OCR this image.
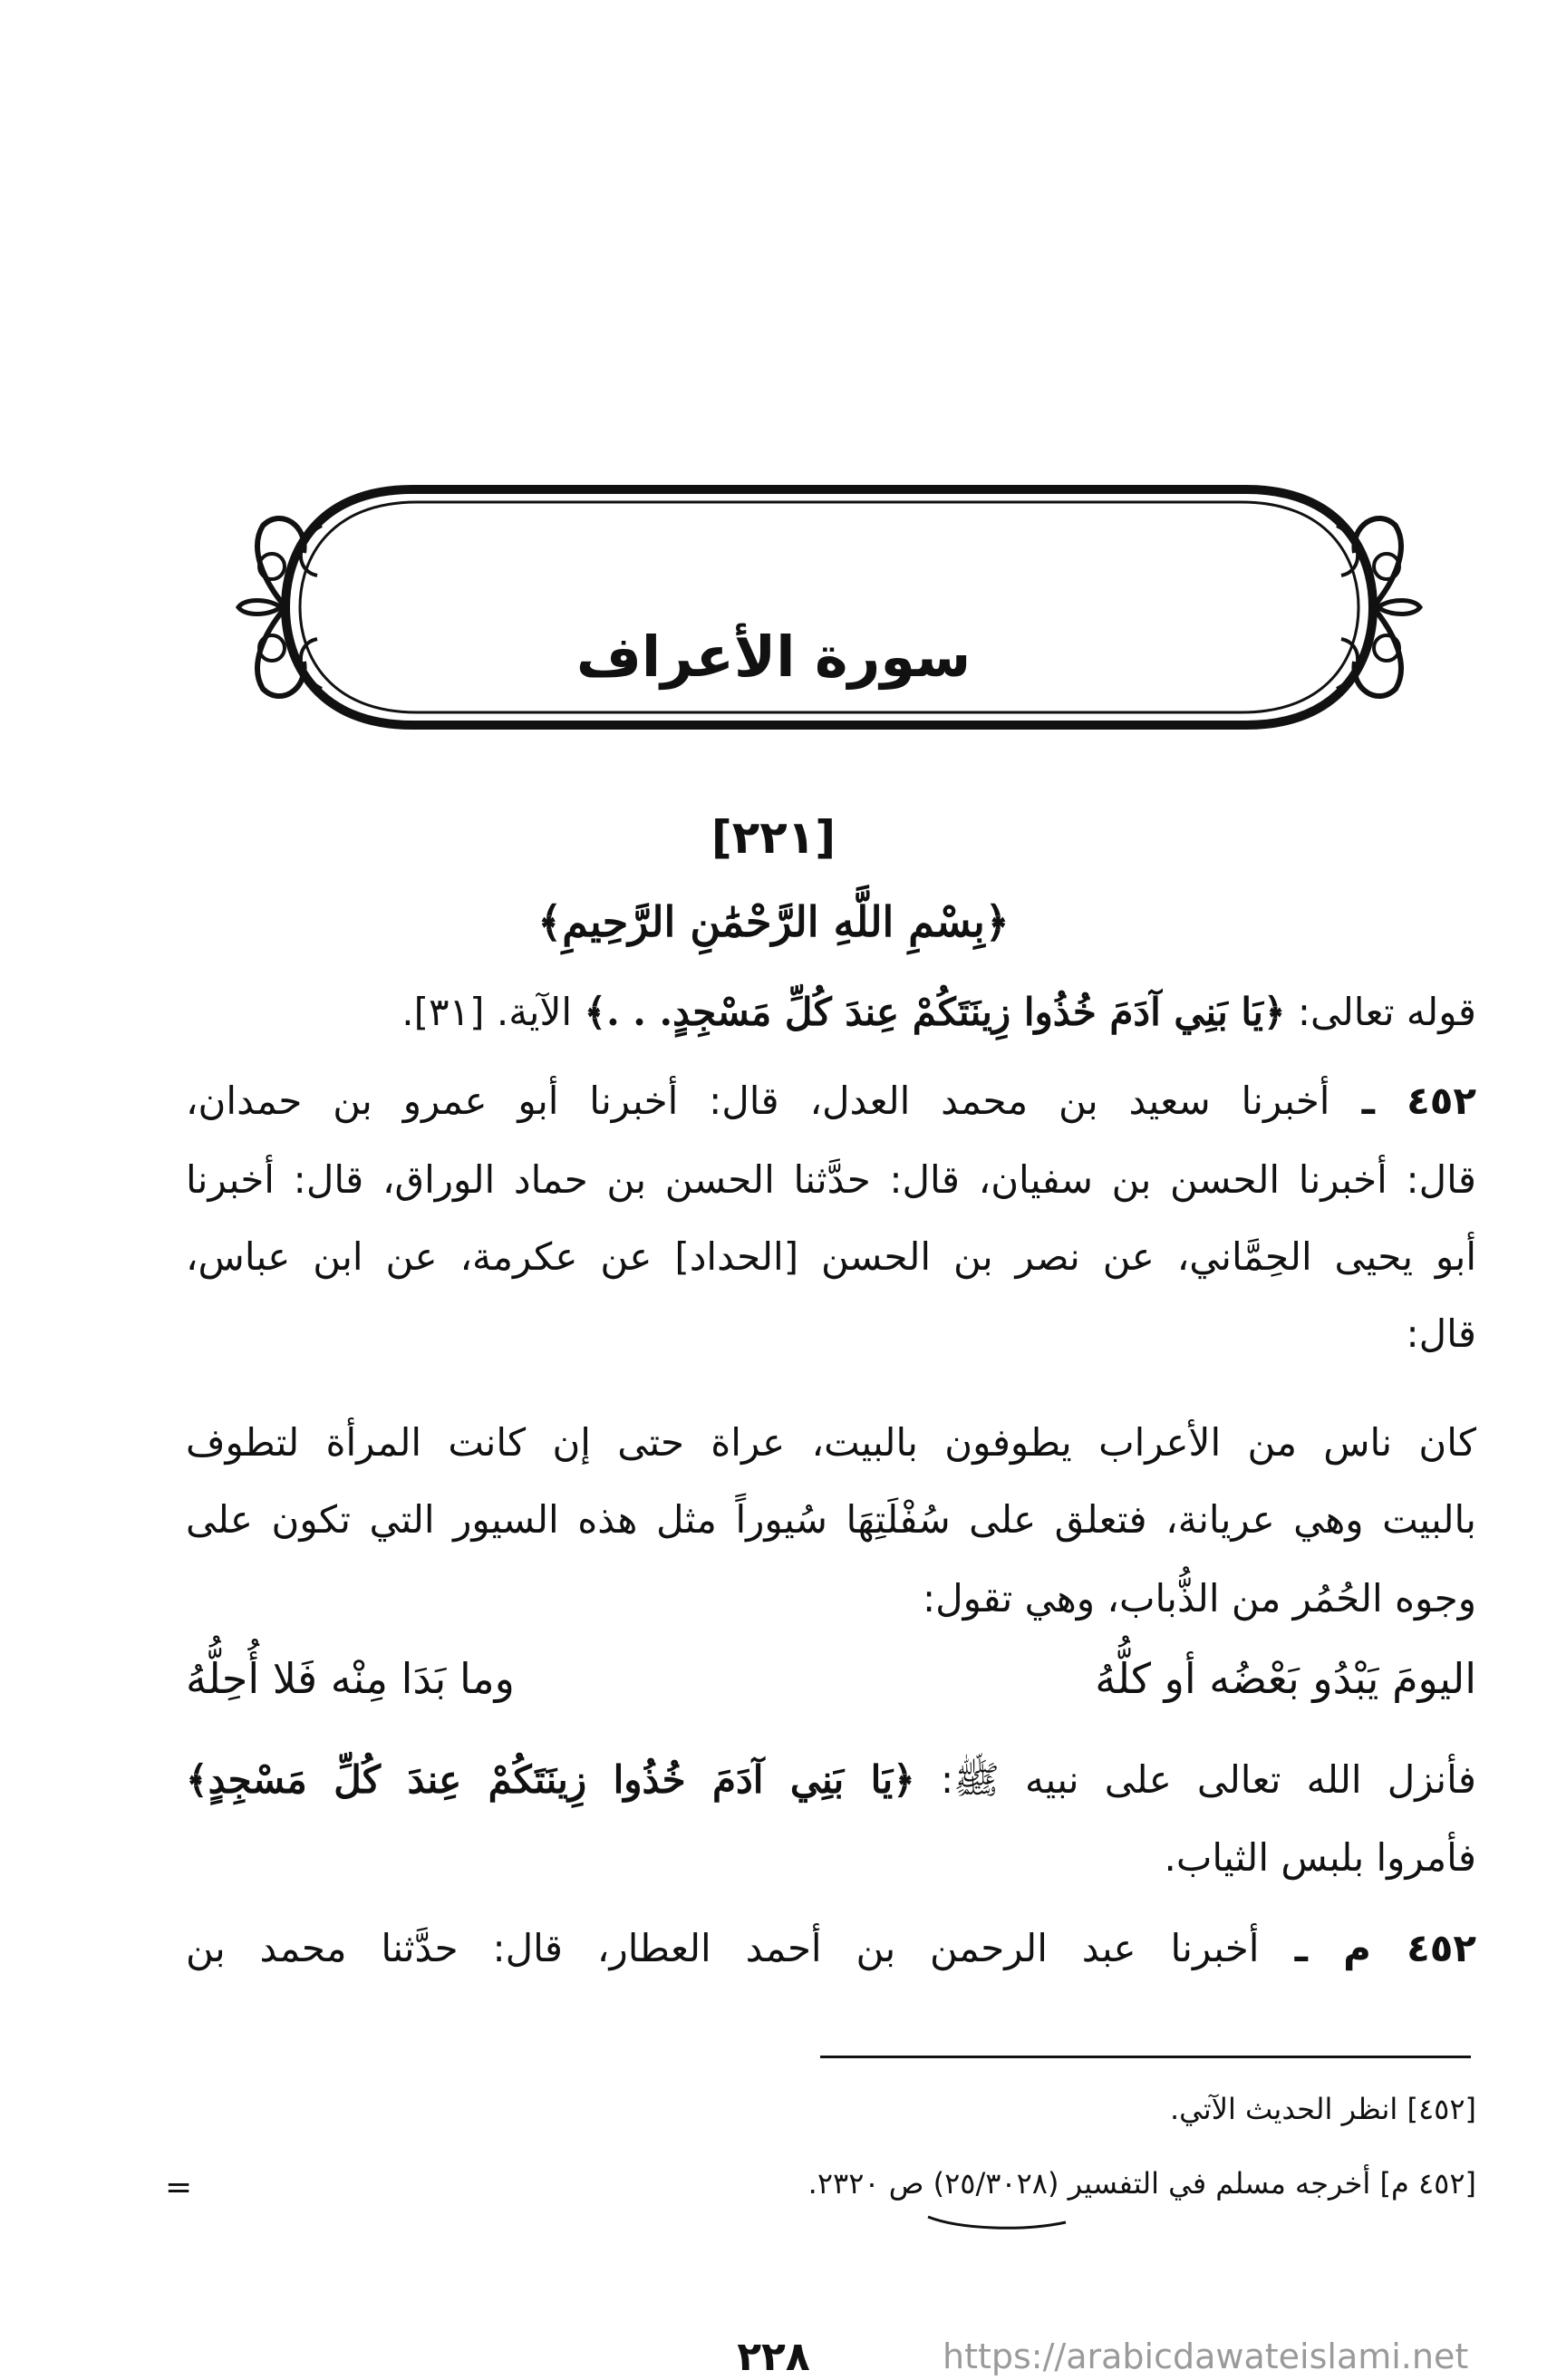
سورة الأعراف
[٢٢١]
﴿بِسْمِ اللَّهِ الرَّحْمَٰنِ الرَّحِيمِ﴾
قوله تعالى: ﴿يَا بَنِي آدَمَ خُذُوا زِينَتَكُمْ عِندَ كُلِّ مَسْجِدٍ. . .﴾ الآية. [٣١].
٤٥٢ ـ أخبرنا سعيد بن محمد العدل، قال: أخبرنا أبو عمرو بن حمدان،
قال: أخبرنا الحسن بن سفيان، قال: حدَّثنا الحسن بن حماد الوراق، قال: أخبرنا
أبو يحيى الحِمَّاني، عن نصر بن الحسن [الحداد] عن عكرمة، عن ابن عباس،
قال:
كان ناس من الأعراب يطوفون بالبيت، عراة حتى إن كانت المرأة لتطوف
بالبيت وهي عريانة، فتعلق على سُفْلَتِهَا سُيوراً مثل هذه السيور التي تكون على
وجوه الحُمُر من الذُّباب، وهي تقول:
اليومَ يَبْدُو بَعْضُه أو كلُّهُ
وما بَدَا مِنْه فَلا أُحِلُّهُ
فأنزل الله تعالى على نبيه ﷺ: ﴿يَا بَنِي آدَمَ خُذُوا زِينَتَكُمْ عِندَ كُلِّ مَسْجِدٍ﴾
فأمروا بلبس الثياب.
٤٥٢ م ـ أخبرنا عبد الرحمن بن أحمد العطار، قال: حدَّثنا محمد بن
[٤٥٢] انظر الحديث الآتي.
[٤٥٢ م] أخرجه مسلم في التفسير (٢٥/٣٠٢٨) ص ٢٣٢٠.
=
٢٢٨	https://arabicdawateislami.net
